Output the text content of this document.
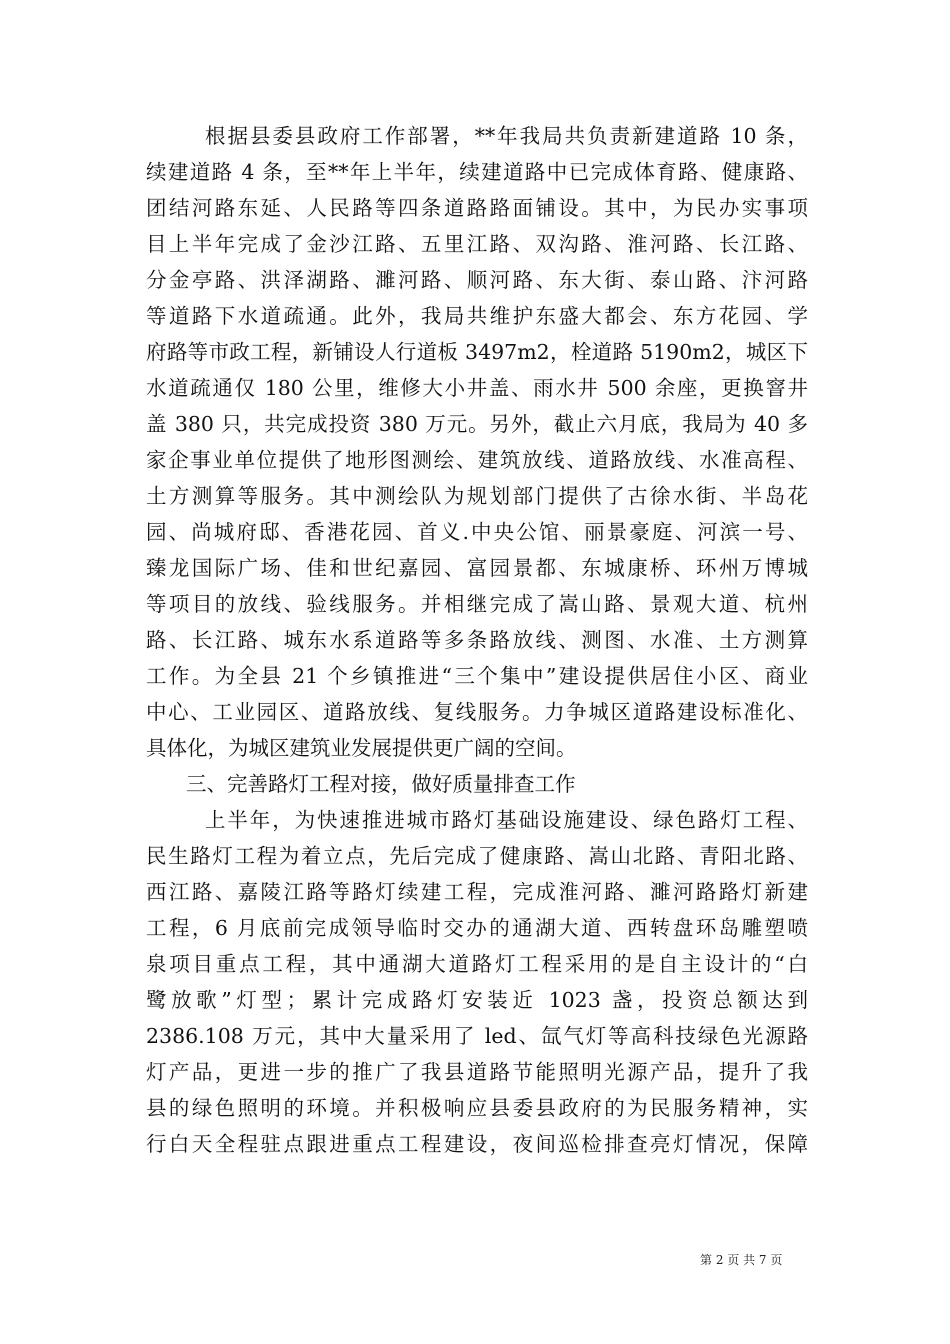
根据县委县政府工作部署，**年我局共负责新建道路 10 条，
续建道路 4 条，至**年上半年，续建道路中已完成体育路、健康路、
团结河路东延、人民路等四条道路路面铺设。其中，为民办实事项
目上半年完成了金沙江路、五里江路、双沟路、淮河路、长江路、
分金亭路、洪泽湖路、濉河路、顺河路、东大街、泰山路、汴河路
等道路下水道疏通。此外，我局共维护东盛大都会、东方花园、学
府路等市政工程，新铺设人行道板 3497m2，栓道路 5190m2，城区下
水道疏通仅 180 公里，维修大小井盖、雨水井 500 余座，更换窨井
盖 380 只，共完成投资 380 万元。另外，截止六月底，我局为 40 多
家企事业单位提供了地形图测绘、建筑放线、道路放线、水准高程、
土方测算等服务。其中测绘队为规划部门提供了古徐水街、半岛花
园、尚城府邸、香港花园、首义.中央公馆、丽景豪庭、河滨一号、
臻龙国际广场、佳和世纪嘉园、富园景都、东城康桥、环州万博城
等项目的放线、验线服务。并相继完成了嵩山路、景观大道、杭州
路、长江路、城东水系道路等多条路放线、测图、水准、土方测算
工作。为全县 21 个乡镇推进“三个集中”建设提供居住小区、商业
中心、工业园区、道路放线、复线服务。力争城区道路建设标准化、
具体化，为城区建筑业发展提供更广阔的空间。
三、完善路灯工程对接，做好质量排查工作
上半年，为快速推进城市路灯基础设施建设、绿色路灯工程、
民生路灯工程为着立点，先后完成了健康路、嵩山北路、青阳北路、
西江路、嘉陵江路等路灯续建工程，完成淮河路、濉河路路灯新建
工程，6 月底前完成领导临时交办的通湖大道、西转盘环岛雕塑喷
泉项目重点工程，其中通湖大道路灯工程采用的是自主设计的“白
鹭放歌”灯型；累计完成路灯安装近 1023 盏，投资总额达到
2386.108 万元，其中大量采用了 led、氙气灯等高科技绿色光源路
灯产品，更进一步的推广了我县道路节能照明光源产品，提升了我
县的绿色照明的环境。并积极响应县委县政府的为民服务精神，实
行白天全程驻点跟进重点工程建设，夜间巡检排查亮灯情况，保障
第 2 页 共 7 页
